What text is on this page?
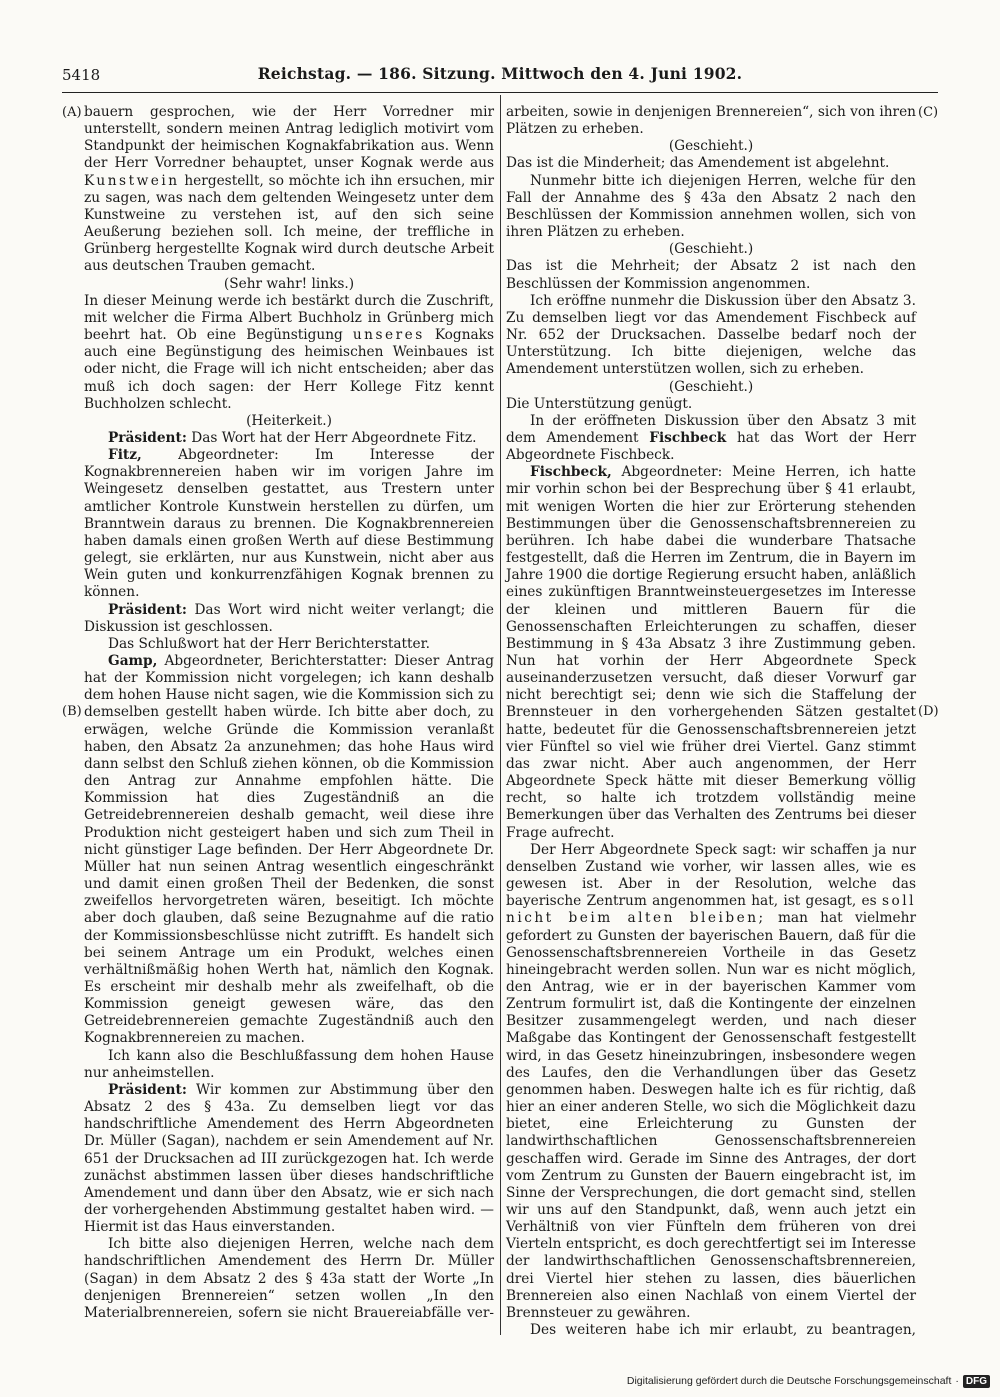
5418	Reichstag. — 186. Sitzung. Mittwoch den 4. Juni 1902.
(A)
(B)
(C)
(D)

bauern gesprochen, wie der Herr Vorredner mir unterstellt, sondern meinen Antrag lediglich motivirt vom Standpunkt der heimischen Kognakfabrikation aus. Wenn der Herr Vorredner behauptet, unser Kognak werde aus Kunstwein hergestellt, so möchte ich ihn ersuchen, mir zu sagen, was nach dem geltenden Weingesetz unter dem Kunstweine zu verstehen ist, auf den sich seine Aeußerung beziehen soll. Ich meine, der treffliche in Grünberg hergestellte Kognak wird durch deutsche Arbeit aus deutschen Trauben gemacht.

(Sehr wahr! links.)

In dieser Meinung werde ich bestärkt durch die Zuschrift, mit welcher die Firma Albert Buchholz in Grünberg mich beehrt hat. Ob eine Begünstigung unseres Kognaks auch eine Begünstigung des heimischen Weinbaues ist oder nicht, die Frage will ich nicht entscheiden; aber das muß ich doch sagen: der Herr Kollege Fitz kennt Buchholzen schlecht.

(Heiterkeit.)

Präsident: Das Wort hat der Herr Abgeordnete Fitz.

Fitz,	Abgeordneter: Im Interesse der Kognakbrennereien haben wir im vorigen Jahre im Weingesetz denselben gestattet, aus Trestern unter amtlicher Kontrole Kunstwein herstellen zu dürfen, um Branntwein daraus zu brennen. Die Kognakbrennereien haben damals einen großen Werth auf diese Bestimmung gelegt, sie erklärten, nur aus Kunstwein, nicht aber aus Wein guten und konkurrenzfähigen Kognak brennen zu können.

Präsident: Das Wort wird nicht weiter verlangt; die Diskussion ist geschlossen.

Das Schlußwort hat der Herr Berichterstatter.

Gamp, Abgeordneter, Berichterstatter: Dieser Antrag hat der Kommission nicht vorgelegen; ich kann deshalb dem hohen Hause nicht sagen, wie die Kommission sich zu demselben gestellt haben würde. Ich bitte aber doch, zu erwägen, welche Gründe die Kommission veranlaßt haben, den Absatz 2a anzunehmen; das hohe Haus wird dann selbst den Schluß ziehen können, ob die Kommission den Antrag zur Annahme empfohlen hätte. Die Kommission hat dies Zugeständniß an die Getreidebrennereien deshalb gemacht, weil diese ihre Produktion nicht gesteigert haben und sich zum Theil in nicht günstiger Lage befinden. Der Herr Abgeordnete Dr. Müller hat nun seinen Antrag wesentlich eingeschränkt und damit einen großen Theil der Bedenken, die sonst zweifellos hervorgetreten wären, beseitigt. Ich möchte aber doch glauben, daß seine Bezugnahme auf die ratio der Kommissionsbeschlüsse nicht zutrifft. Es handelt sich bei seinem Antrage um ein Produkt, welches einen verhältnißmäßig hohen Werth hat, nämlich den Kognak. Es erscheint mir deshalb mehr als zweifelhaft, ob die Kommission geneigt gewesen wäre, das den Getreidebrennereien gemachte Zugeständniß auch den Kognakbrennereien zu machen.

Ich kann also die Beschlußfassung dem hohen Hause nur anheimstellen.

Präsident: Wir kommen zur Abstimmung über den Absatz 2 des § 43a. Zu demselben liegt vor das handschriftliche Amendement des Herrn Abgeordneten Dr. Müller (Sagan), nachdem er sein Amendement auf Nr. 651 der Drucksachen ad III zurückgezogen hat. Ich werde zunächst abstimmen lassen über dieses handschriftliche Amendement und dann über den Absatz, wie er sich nach der vorhergehenden Abstimmung gestaltet haben wird. — Hiermit ist das Haus einverstanden.

Ich bitte also diejenigen Herren, welche nach dem handschriftlichen Amendement des Herrn Dr. Müller (Sagan) in dem Absatz 2 des § 43a statt der Worte „In denjenigen Brennereien“ setzen wollen „In den Materialbrennereien, sofern sie nicht Brauereiabfälle ver-

arbeiten, sowie in denjenigen Brennereien“, sich von ihren Plätzen zu erheben.

(Geschieht.)

Das ist die Minderheit; das Amendement ist abgelehnt.

Nunmehr bitte ich diejenigen Herren, welche für den Fall der Annahme des § 43a den Absatz 2 nach den Beschlüssen der Kommission annehmen wollen, sich von ihren Plätzen zu erheben.

(Geschieht.)

Das ist die Mehrheit; der Absatz 2 ist nach den Beschlüssen der Kommission angenommen.

Ich eröffne nunmehr die Diskussion über den Absatz 3. Zu demselben liegt vor das Amendement Fischbeck auf Nr. 652 der Drucksachen. Dasselbe bedarf noch der Unterstützung. Ich bitte diejenigen, welche das Amendement unterstützen wollen, sich zu erheben.

(Geschieht.)

Die Unterstützung genügt.

In der eröffneten Diskussion über den Absatz 3 mit dem Amendement Fischbeck hat das Wort der Herr Abgeordnete Fischbeck.

Fischbeck, Abgeordneter: Meine Herren, ich hatte mir vorhin schon bei der Besprechung über § 41 erlaubt, mit wenigen Worten die hier zur Erörterung stehenden Bestimmungen über die Genossenschaftsbrennereien zu berühren. Ich habe dabei die wunderbare Thatsache festgestellt, daß die Herren im Zentrum, die in Bayern im Jahre 1900 die dortige Regierung ersucht haben, anläßlich eines zukünftigen Branntweinsteuergesetzes im Interesse der kleinen und mittleren Bauern für die Genossenschaften Erleichterungen zu schaffen, dieser Bestimmung in § 43a Absatz 3 ihre Zustimmung geben. Nun hat vorhin der Herr Abgeordnete Speck auseinanderzusetzen versucht, daß dieser Vorwurf gar nicht berechtigt sei; denn wie sich die Staffelung der Brennsteuer in den vorhergehenden Sätzen gestaltet hatte, bedeutet für die Genossenschaftsbrennereien jetzt vier Fünftel so viel wie früher drei Viertel. Ganz stimmt das zwar nicht. Aber auch angenommen, der Herr Abgeordnete Speck hätte mit dieser Bemerkung völlig recht, so halte ich trotzdem vollständig meine Bemerkungen über das Verhalten des Zentrums bei dieser Frage aufrecht.

Der Herr Abgeordnete Speck sagt: wir schaffen ja nur denselben Zustand wie vorher, wir lassen alles, wie es gewesen ist. Aber in der Resolution, welche das bayerische Zentrum angenommen hat, ist gesagt, es soll nicht beim alten bleiben; man hat vielmehr gefordert zu Gunsten der bayerischen Bauern, daß für die Genossenschaftsbrennereien Vortheile in das Gesetz hineingebracht werden sollen. Nun war es nicht möglich, den Antrag, wie er in der bayerischen Kammer vom Zentrum formulirt ist, daß die Kontingente der einzelnen Besitzer zusammengelegt werden, und nach dieser Maßgabe das Kontingent der Genossenschaft festgestellt wird, in das Gesetz hineinzubringen, insbesondere wegen des Laufes, den die Verhandlungen über das Gesetz genommen haben. Deswegen halte ich es für richtig, daß hier an einer anderen Stelle, wo sich die Möglichkeit dazu bietet, eine Erleichterung zu Gunsten der landwirthschaftlichen Genossenschaftsbrennereien geschaffen wird. Gerade im Sinne des Antrages, der dort vom Zentrum zu Gunsten der Bauern eingebracht ist, im Sinne der Versprechungen, die dort gemacht sind, stellen wir uns auf den Standpunkt, daß, wenn auch jetzt ein Verhältniß von vier Fünfteln dem früheren von drei Vierteln entspricht, es doch gerechtfertigt sei im Interesse der landwirthschaftlichen Genossenschaftsbrennereien, drei Viertel hier stehen zu lassen, dies bäuerlichen Brennereien also einen Nachlaß von einem Viertel der Brennsteuer zu gewähren.

Des weiteren habe ich mir erlaubt, zu beantragen,

Digitalisierung gefördert durch die Deutsche Forschungsgemeinschaft · DFG
